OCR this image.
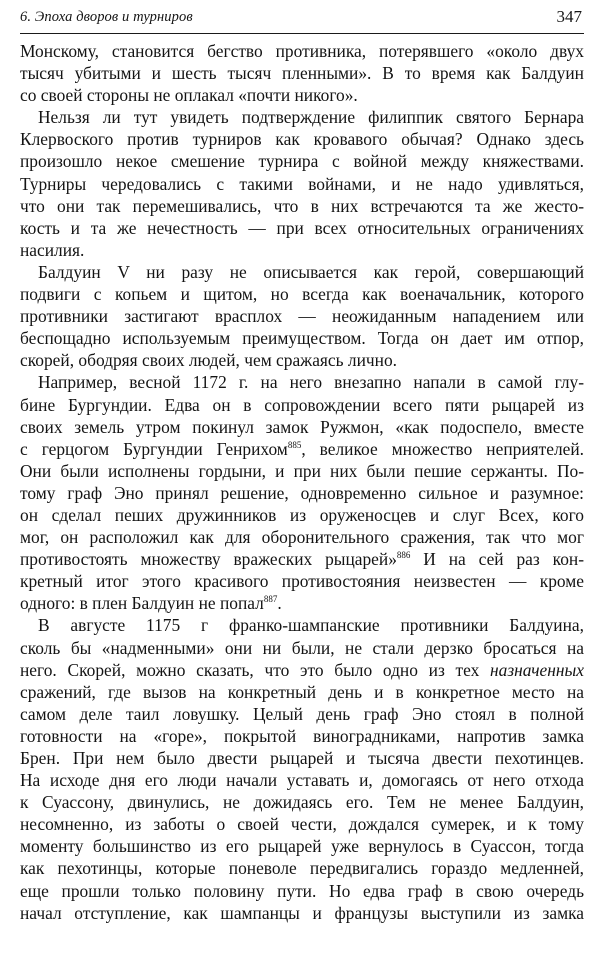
6. Эпоха дворов и турниров	347
Монскому, становится бегство противника, потерявшего «около двух
тысяч убитыми и шесть тысяч пленными». В то время как Балдуин
со своей стороны не оплакал «почти никого».
Нельзя ли тут увидеть подтверждение филиппик святого Бернара
Клервоского против турниров как кровавого обычая? Однако здесь
произошло некое смешение турнира с войной между княжествами.
Турниры чередовались с такими войнами, и не надо удивляться,
что они так перемешивались, что в них встречаются та же жесто-
кость и та же нечестность — при всех относительных ограничениях
насилия.
Балдуин V ни разу не описывается как герой, совершающий
подвиги с копьем и щитом, но всегда как военачальник, которого
противники застигают врасплох — неожиданным нападением или
беспощадно используемым преимуществом. Тогда он дает им отпор,
скорей, ободряя своих людей, чем сражаясь лично.
Например, весной 1172 г. на него внезапно напали в самой глу-
бине Бургундии. Едва он в сопровождении всего пяти рыцарей из
своих земель утром покинул замок Ружмон, «как подоспело, вместе
с герцогом Бургундии Генрихом$^{885}$, великое множество неприятелей.
Они были исполнены гордыни, и при них были пешие сержанты. По-
тому граф Эно принял решение, одновременно сильное и разумное:
он сделал пеших дружинников из оруженосцев и слуг Всех, кого
мог, он расположил как для оборонительного сражения, так что мог
противостоять множеству вражеских рыцарей»$^{886}$ И на сей раз кон-
кретный итог этого красивого противостояния неизвестен — кроме
одного: в плен Балдуин не попал$^{887}$.
В августе 1175 г франко-шампанские противники Балдуина,
сколь бы «надменными» они ни были, не стали дерзко бросаться на
него. Скорей, можно сказать, что это было одно из тех назначенных
сражений, где вызов на конкретный день и в конкретное место на
самом деле таил ловушку. Целый день граф Эно стоял в полной
готовности на «горе», покрытой виноградниками, напротив замка
Брен. При нем было двести рыцарей и тысяча двести пехотинцев.
На исходе дня его люди начали уставать и, домогаясь от него отхода
к Суассону, двинулись, не дожидаясь его. Тем не менее Балдуин,
несомненно, из заботы о своей чести, дождался сумерек, и к тому
моменту большинство из его рыцарей уже вернулось в Суассон, тогда
как пехотинцы, которые поневоле передвигались гораздо медленней,
еще прошли только половину пути. Но едва граф в свою очередь
начал отступление, как шампанцы и французы выступили из замка
